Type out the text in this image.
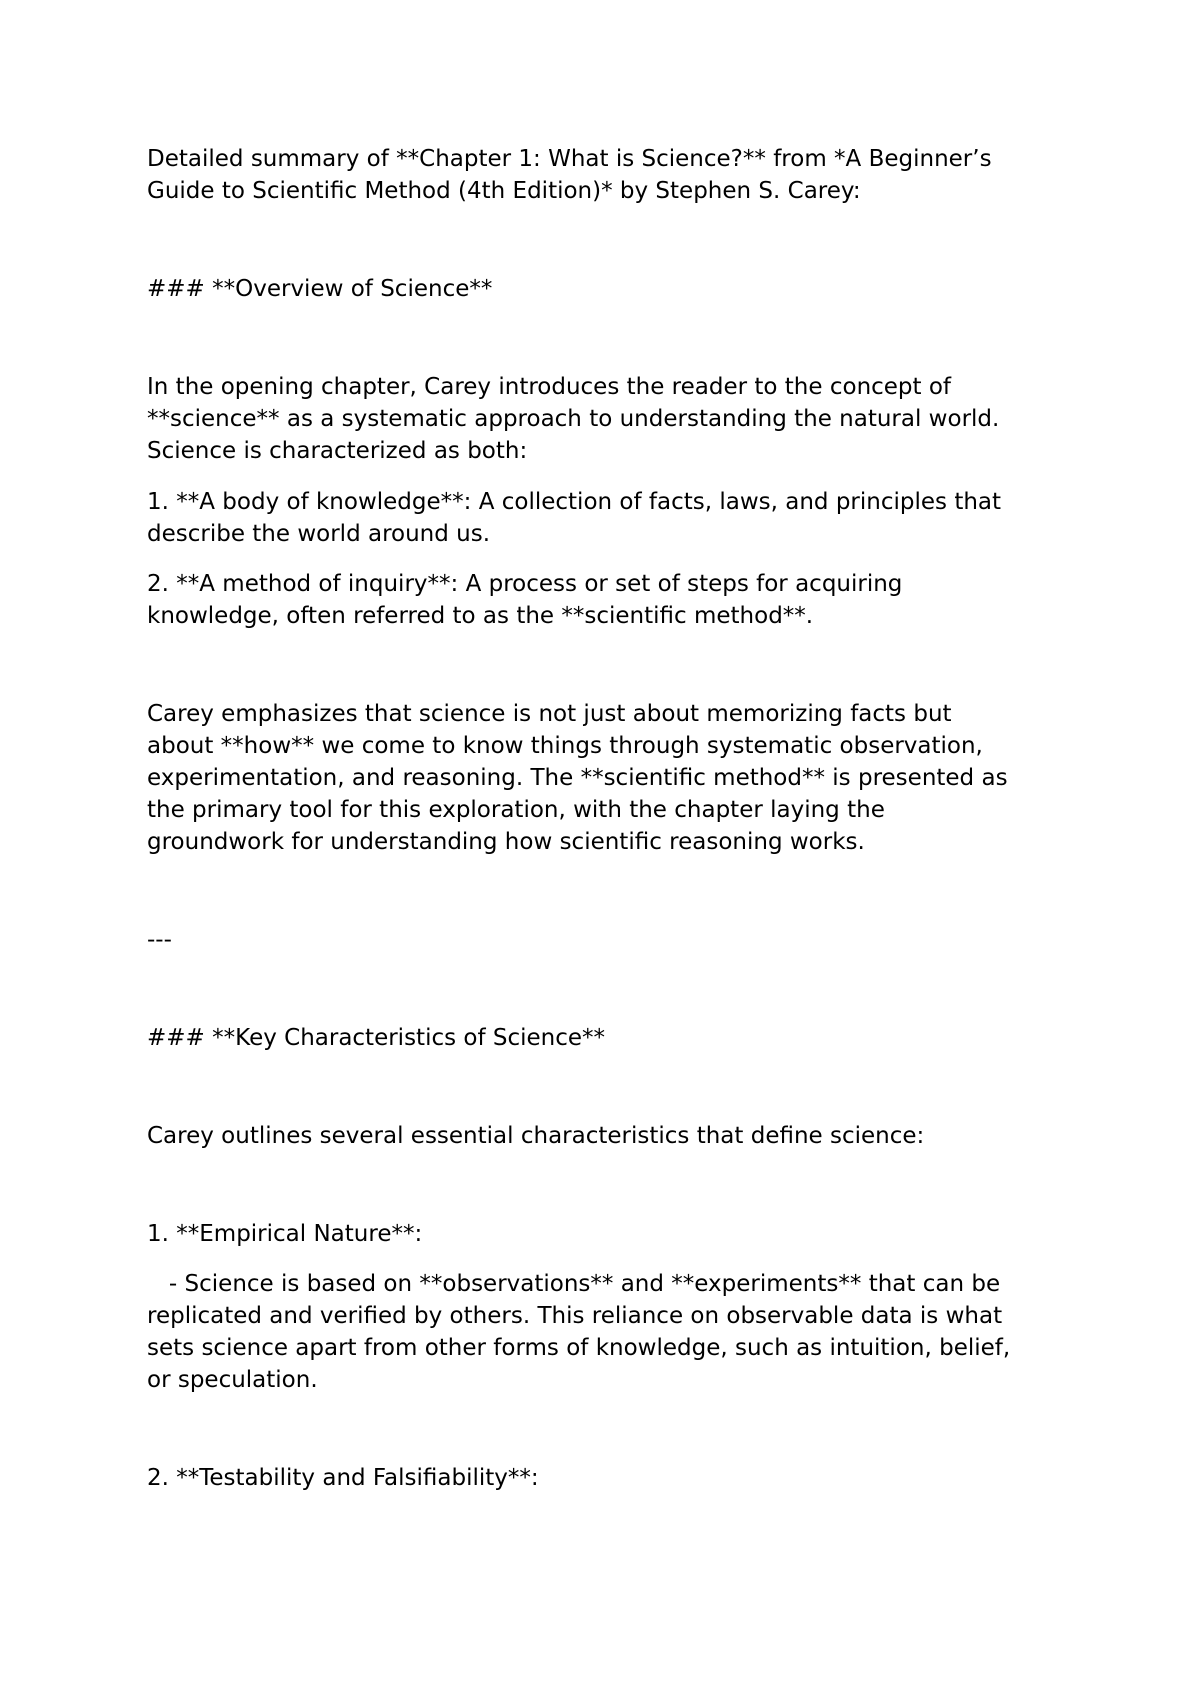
Detailed summary of **Chapter 1: What is Science?** from *A Beginner’s

Guide to Scientific Method (4th Edition)* by Stephen S. Carey:

### **Overview of Science**

In the opening chapter, Carey introduces the reader to the concept of

**science** as a systematic approach to understanding the natural world.

Science is characterized as both:

1. **A body of knowledge**: A collection of facts, laws, and principles that

describe the world around us.

2. **A method of inquiry**: A process or set of steps for acquiring

knowledge, often referred to as the **scientific method**.

Carey emphasizes that science is not just about memorizing facts but

about **how** we come to know things through systematic observation,

experimentation, and reasoning. The **scientific method** is presented as

the primary tool for this exploration, with the chapter laying the

groundwork for understanding how scientific reasoning works.

---

### **Key Characteristics of Science**

Carey outlines several essential characteristics that define science:

1. **Empirical Nature**:

- Science is based on **observations** and **experiments** that can be

replicated and verified by others. This reliance on observable data is what

sets science apart from other forms of knowledge, such as intuition, belief,

or speculation.

2. **Testability and Falsifiability**:
